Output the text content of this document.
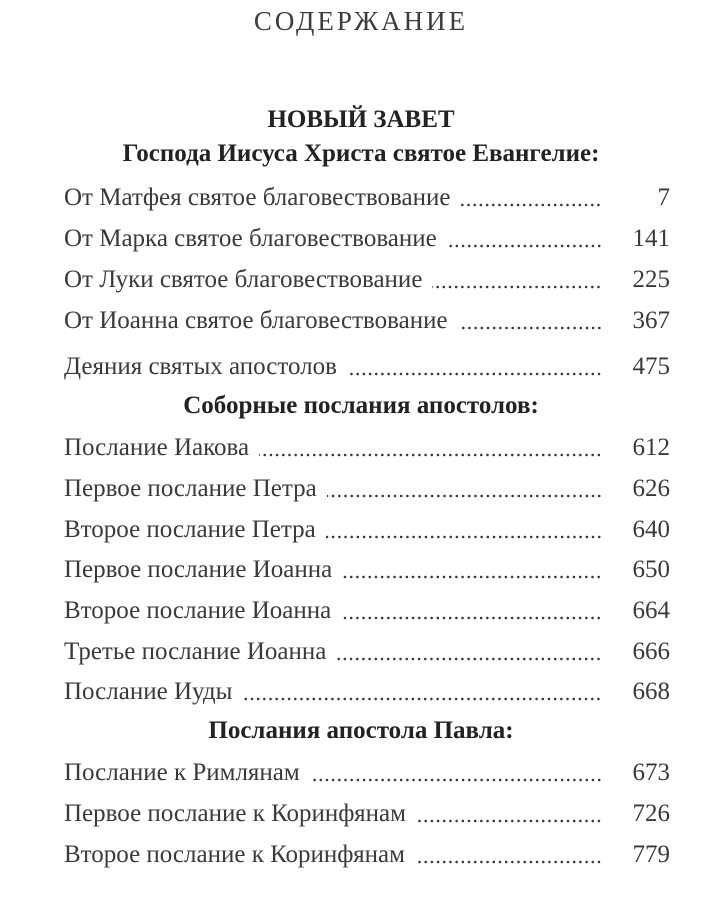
СОДЕРЖАНИЕ
НОВЫЙ ЗАВЕТ
Господа Иисуса Христа святое Евангелие:
От Матфея святое благовествование	7
От Марка святое благовествование	141
От Луки святое благовествование	225
От Иоанна святое благовествование	367
Деяния святых апостолов	475
Соборные послания апостолов:
Послание Иакова	612
Первое послание Петра	626
Второе послание Петра	640
Первое послание Иоанна	650
Второе послание Иоанна	664
Третье послание Иоанна	666
Послание Иуды	668
Послания апостола Павла:
Послание к Римлянам	673
Первое послание к Коринфянам	726
Второе послание к Коринфянам	779
